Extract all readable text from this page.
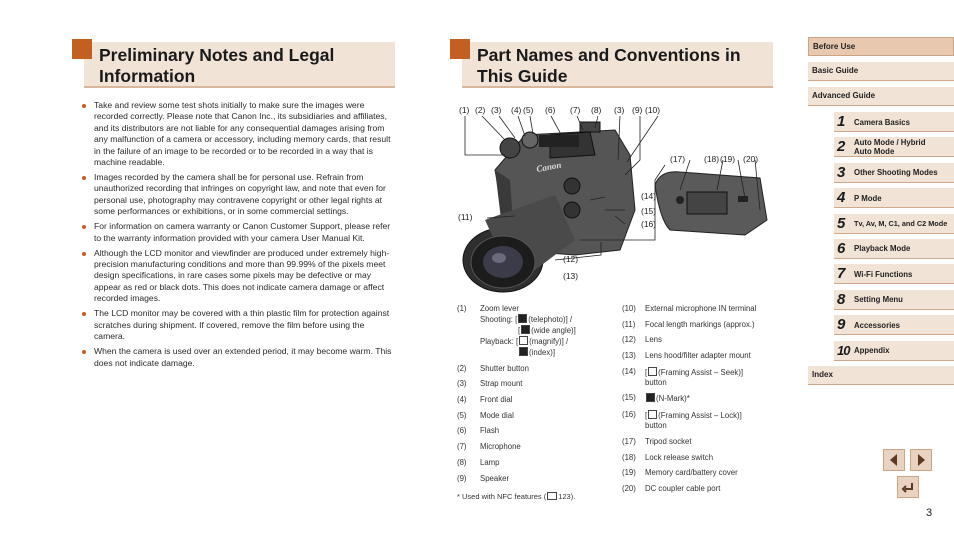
Preliminary Notes and Legal Information

Take and review some test shots initially to make sure the images were recorded correctly. Please note that Canon Inc., its subsidiaries and affiliates, and its distributors are not liable for any consequential damages arising from any malfunction of a camera or accessory, including memory cards, that result in the failure of an image to be recorded or to be recorded in a way that is machine readable.

Images recorded by the camera shall be for personal use. Refrain from unauthorized recording that infringes on copyright law, and note that even for personal use, photography may contravene copyright or other legal rights at some performances or exhibitions, or in some commercial settings.

For information on camera warranty or Canon Customer Support, please refer to the warranty information provided with your camera User Manual Kit.

Although the LCD monitor and viewfinder are produced under extremely high-precision manufacturing conditions and more than 99.99% of the pixels meet design specifications, in rare cases some pixels may be defective or may appear as red or black dots. This does not indicate camera damage or affect recorded images.

The LCD monitor may be covered with a thin plastic film for protection against scratches during shipment. If covered, remove the film before using the camera.

When the camera is used over an extended period, it may become warm. This does not indicate damage.

Part Names and Conventions in This Guide
Canon
(1) (2) (3) (4) (5) (6) (7) (8) (3) (9) (10)
(11)
(12)
(13)
(14)
(15)
(16)
(17) (18) (19) (20)
(1) Zoom lever
Shooting: [ (telephoto)] /
[ (wide angle)]
Playback: [ (magnify)] /
(index)]
(2) Shutter button
(3) Strap mount
(4) Front dial
(5) Mode dial
(6) Flash
(7) Microphone
(8) Lamp
(9) Speaker
(10) External microphone IN terminal
(11) Focal length markings (approx.)
(12) Lens
(13) Lens hood/filter adapter mount
(14) [ (Framing Assist – Seek)]
button
(15)	(N-Mark)*
(16) [ (Framing Assist – Lock)]
button
(17) Tripod socket
(18) Lock release switch
(19) Memory card/battery cover
(20) DC coupler cable port
* Used with NFC features ( 123).
Before Use
Basic Guide
Advanced Guide
1 Camera Basics
2 Auto Mode / Hybrid Auto Mode
3 Other Shooting Modes
4 P Mode
5 Tv, Av, M, C1, and C2 Mode
6 Playback Mode
7 Wi-Fi Functions
8 Setting Menu
9 Accessories
10 Appendix
Index
3
